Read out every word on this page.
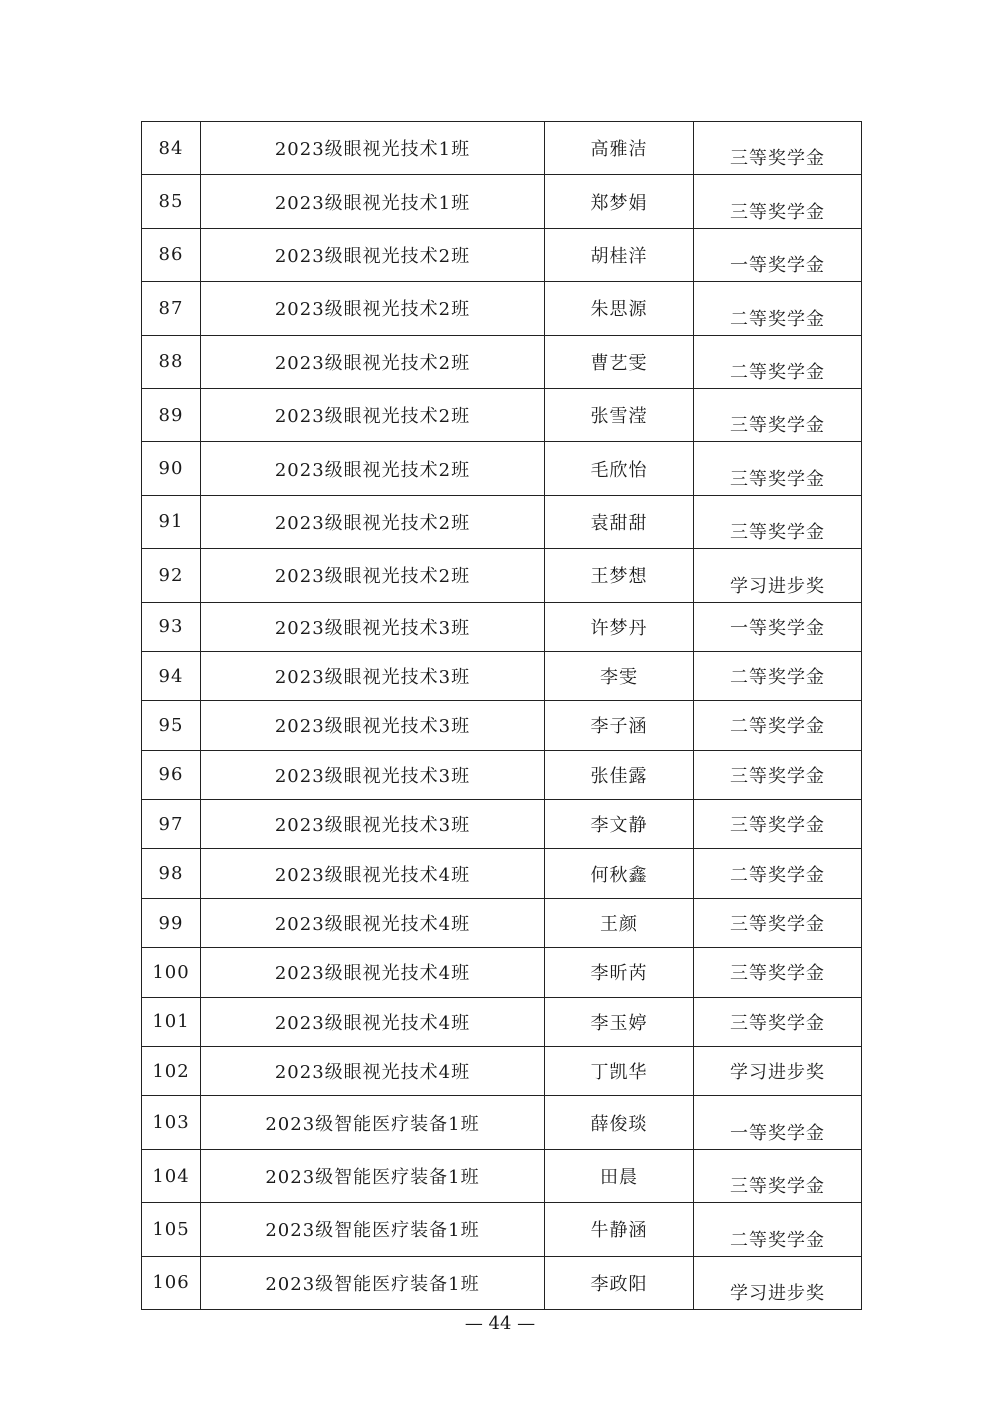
84	2023级眼视光技术1班	高雅洁	三等奖学金
85	2023级眼视光技术1班	郑梦娟	三等奖学金
86	2023级眼视光技术2班	胡桂洋	一等奖学金
87	2023级眼视光技术2班	朱思源	二等奖学金
88	2023级眼视光技术2班	曹艺雯	二等奖学金
89	2023级眼视光技术2班	张雪滢	三等奖学金
90	2023级眼视光技术2班	毛欣怡	三等奖学金
91	2023级眼视光技术2班	袁甜甜	三等奖学金
92	2023级眼视光技术2班	王梦想	学习进步奖
93	2023级眼视光技术3班	许梦丹	一等奖学金
94	2023级眼视光技术3班	李雯	二等奖学金
95	2023级眼视光技术3班	李子涵	二等奖学金
96	2023级眼视光技术3班	张佳露	三等奖学金
97	2023级眼视光技术3班	李文静	三等奖学金
98	2023级眼视光技术4班	何秋鑫	二等奖学金
99	2023级眼视光技术4班	王颜	三等奖学金
100	2023级眼视光技术4班	李昕芮	三等奖学金
101	2023级眼视光技术4班	李玉婷	三等奖学金
102	2023级眼视光技术4班	丁凯华	学习进步奖
103	2023级智能医疗装备1班	薛俊琰	一等奖学金
104	2023级智能医疗装备1班	田晨	三等奖学金
105	2023级智能医疗装备1班	牛静涵	二等奖学金
106	2023级智能医疗装备1班	李政阳	学习进步奖
— 44 —
